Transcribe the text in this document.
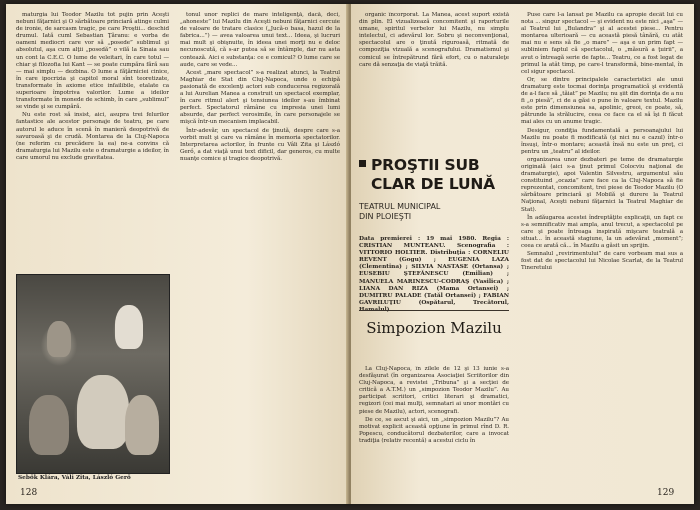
maturgia lui Teodor Mazilu tot pujin prin Aceşti nebuni făţarnici şi O sărbătoare princiară atinge culmi de ironie, de sarcasm tragic, pe care Proştii... deschid drumul. Iată cuml Sebastian Ţăranu: e vorba de oameni mediocri care vor să „posede” sublimul şi absolutul, aşa cum alţii „posedă” o vilă la Sinaia sau un cont la C.E.C. O lume de veleitari, în care totul — chiar şi filozofia lui Kant — se poate cumpăra fără sau — mai simplu — dezbina. O lume a făţărniciei cinice, în care ipocrizia şi capitol moral sînt teoretizate, transformate în axiome etice infailibile, etalate ca superioare împotriva valorilor. Lume a ideilor transformate în monede de schimb, în care „sublimul” se vinde şi se cumpără.

Nu este rost să insist, aici, asupra trei felurilor fantastice ale acestor personaje de teatru, pe care autorul le aduce în scenă în manieră deopotrivă de savuroasă şi de crudă. Montarea de la Cluj-Napoca (ne referim cu precădere la ea) ne-a convins că dramaturgia lui Mazilu este o dramaturgie a ideilor, în care umorul nu exclude gravitatea.

Sebők Klára, Váli Zita, László Gerő

tonul unor replici de mare inteligenţă, dacă, deci, „ahoneste” lui Mazilu din Aceşti nebuni făţarnici cercuie de valoare de tratare clasice („Jucă-o basa, hazul de la fabrica...”) — avea valoarea unui text... Ideea, şi lucruri mai mult şi obişnuite, în ideea unei morţi nu e deloc necunoscută, că s-ar putea să se întâmple, dar nu asta contează. Aici e substanţa: ce e comicul? O lume care se aude, care se vede...

Acest „mare spectacol” s-a realizat atunci, la Teatrul Maghiar de Stat din Cluj-Napoca, unde o echipă pasionată de excelenţi actori sub conducerea regizorală a lui Aurelian Manea a construit un spectacol exemplar, în care ritmul alert şi tensiunea ideilor s-au îmbinat perfect. Spectatorul rămâne cu impresia unei lumi absurde, dar perfect verosimile, în care personajele se mişcă într-un mecanism implacabil.

Într-adevăr, un spectacol de ţinută, despre care s-a vorbit mult şi care va rămâne în memoria spectatorilor. Interpretarea actorilor, în frunte cu Vâli Zita şi László Gerő, a dat viaţă unui text dificil, dar generos, cu multe nuanţe comice şi tragice deopotrivă.

128

organic încorporat. La Manea, acest suport există din plin. El vizualizează concomitent şi raporturile umane, spiritul verbelor lui Mazilu, nu simplu intelectul, ci adevărul lor. Sobru şi neconvenţional, spectacolul are o ţinută riguroasă, ritmată de compoziţia vizuală a scenografului. Dramatismul şi comicul se întrepătrund fără efort, cu o naturaleţe care dă senzaţia de viaţă trăită.

PROŞTII SUB CLAR DE LUNĂ
TEATRUL MUNICIPAL
DIN PLOIEŞTI
Data premierei : 19 mai 1980. Regia : CRISTIAN MUNTEANU. Scenografia : VITTORIO HOLTIER. Distribuţia : CORNELIU REVENT (Gogu) ; EUGENIA LAZA (Clementina) ; SILVIA NASTASE (Ortansa) ; EUSEBIU ŞTEFĂNESCU (Emilian) ; MANUELA MARINESCU-CODRAŞ (Vasilica) ; LIANA DAN RIZA (Mama Ortansei) ; DUMITRU PALADE (Tatăl Ortansei) ; FABIAN GAVRILUŢIU (Ospătarul, Trecătorul,
Simpozion Mazilu

La Cluj-Napoca, în zilele de 12 şi 13 iunie s-a desfăşurat (în organizarea Asociaţiei Scriitorilor din Cluj-Napoca, a revistei „Tribuna” şi a secţiei de critică a A.T.M.) un „simpozion Teodor Mazilu”. Au participat scriitori, critici literari şi dramatici, regizori (cei mai mulţi, semnatari ai unor montări cu piese de Mazilu), actori, scenografi.

De ce, se ascut şi aici, un „simpozion Mazilu”? Au motivat explicit această opţiune în primul rînd D. R. Popescu, conducătorul dezbaterilor, care a invocat tradiţia (relativ recentă) a acestui ciclu în

Puse care l-a lansat pe Mazilu ca apropie decât lui cu nota ... singur spectacol — şi evident nu este nici „aşa” — al Teatrul lui „Bulandra” şi al acestei piese... Pentru montarea ulterioară — cu această piesă tânără, cu atât mai nu e sens să fie „o mare” — aşa e un prim fapt — subliniem faptul că spectacolul, o „măsură a ţuirii”, a avut o întreagă serie de fapte... Teatru, ce a fost legat de primul la atât timp, pe care-l transformă, bine-mental, în cel sigur spectacol.

Or, se dintre principalele caracteristici ale unui dramaturg este tocmai dorinţa programatică şi evidentă de a-l face să „tăiat” pe Mazilu; nu şiit din dorinţa de a nu fi „o piesă”, ci de a găsi o pune în valoare textul. Mazilu este prin dimensiunea sa, apolinic, greoi, ce poate, să, pătrunde la strălucire, ceea ce face ca el să îşi fi făcut mai ales cu un anume tragic.

Desigur, condiţia fundamentală a persoanajului lui Mazilu nu poate fi modificată (şi nici nu e cazul) într-o însuşi, într-o montare; această însă nu este un preţ, ci pentru un „teatru” al ideilor.

organizarea unor dezbateri pe teme de dramaturgie originală (aici s-a ţinut primul Colocviu naţional de dramaturgie), apoi Valentin Silvestru, argumentul său constituind „ocazia” care face ca la Cluj-Napoca să fie reprezentat, concomitent, trei piese de Teodor Mazilu (O sărbătoare princiară şi Mobilă şi durere la Teatrul Naţional, Aceşti nebuni făţarnici la Teatrul Maghiar de Stat).

În adăugarea acestei îndreptăţite explicaţii, un fapt ce s-a semnificativ mai ampla, anul trecut, a spectacolul pe care şi poate întreaga inspirată mişcare teatrală a situat... în această stagiune, la un adevărat „moment”; ceea ce arată că... în Mazilu a găsit un sprijin.

Semnalul „revirimentului” de care vorbeam mai sus a fost dat de spectacolul lui Nicolae Scarlat, de la Teatrul Tineretului

129
